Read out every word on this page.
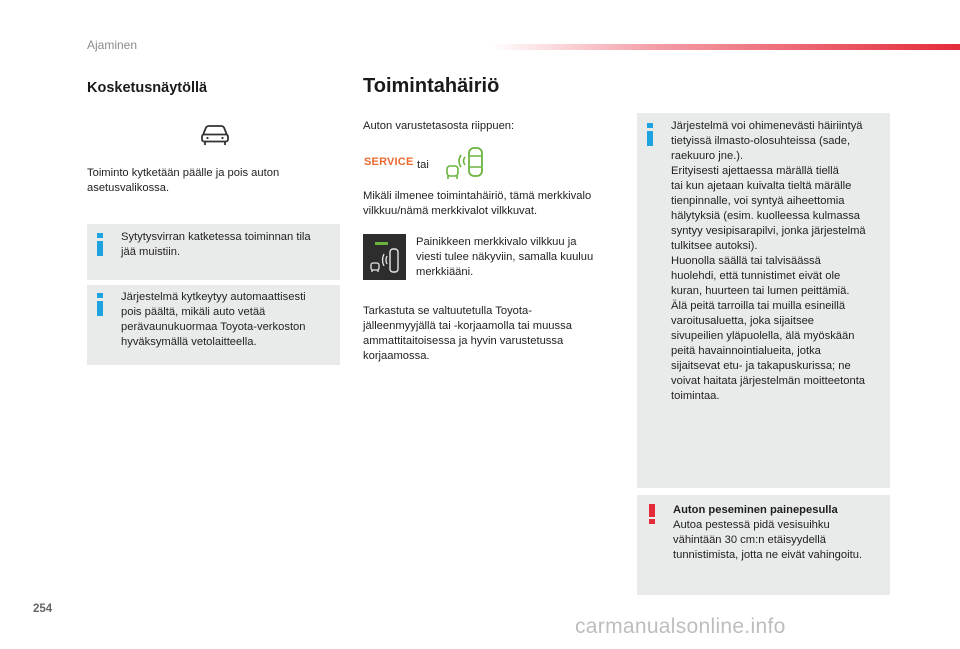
Ajaminen
Kosketusnäytöllä
Toiminto kytketään päälle ja pois auton asetusvalikossa.
Sytytysvirran katketessa toiminnan tila
jää muistiin.
Järjestelmä kytkeytyy automaattisesti
pois päältä, mikäli auto vetää
perävaunukuormaa Toyota-verkoston
hyväksymällä vetolaitteella.
Toimintahäiriö
Auton varustetasosta riippuen:
SERVICE tai
Mikäli ilmenee toimintahäiriö, tämä merkkivalo
vilkkuu/nämä merkkivalot vilkkuvat.
Painikkeen merkkivalo vilkkuu ja
viesti tulee näkyviin, samalla kuuluu
merkkiääni.
Tarkastuta se valtuutetulla Toyota-
jälleenmyyjällä tai -korjaamolla tai muussa
ammattitaitoisessa ja hyvin varustetussa
korjaamossa.
Järjestelmä voi ohimenevästi häiriintyä
tietyissä ilmasto-olosuhteissa (sade,
raekuuro jne.).
Erityisesti ajettaessa märällä tiellä
tai kun ajetaan kuivalta tieltä märälle
tienpinnalle, voi syntyä aiheettomia
hälytyksiä (esim. kuolleessa kulmassa
syntyy vesipisarapilvi, jonka järjestelmä
tulkitsee autoksi).
Huonolla säällä tai talvisäässä
huolehdi, että tunnistimet eivät ole
kuran, huurteen tai lumen peittämiä.
Älä peitä tarroilla tai muilla esineillä
varoitusaluetta, joka sijaitsee
sivupeilien yläpuolella, älä myöskään
peitä havainnointialueita, jotka
sijaitsevat etu- ja takapuskurissa; ne
voivat haitata järjestelmän moitteetonta
toimintaa.
Auton peseminen painepesulla
Autoa pestessä pidä vesisuihku
vähintään 30 cm:n etäisyydellä
tunnistimista, jotta ne eivät vahingoitu.
254
carmanualsonline.info
